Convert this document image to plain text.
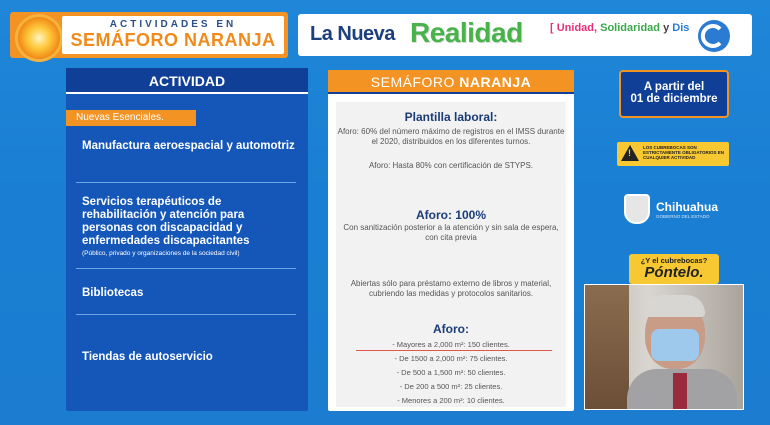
ACTIVIDADES EN
SEMÁFORO NARANJA	La Nueva Realidad [ Unidad, Solidaridad y Dis
ACTIVIDAD
Nuevas Esenciales.
Manufactura aeroespacial y automotriz
Servicios terapéuticos de rehabilitación y atención para personas con discapacidad y enfermedades discapacitantes
(Público, privado y organizaciones de la sociedad civil)
Bibliotecas
Tiendas de autoservicio
SEMÁFORO NARANJA
Plantilla laboral:
Aforo: 60% del número máximo de registros en el IMSS durante el 2020, distribuidos en los diferentes turnos.
Aforo: Hasta 80% con certificación de STYPS.
Aforo: 100%
Con sanitización posterior a la atención y sin sala de espera, con cita previa
Abiertas sólo para préstamo externo de libros y material, cubriendo las medidas y protocolos sanitarios.
Aforo:
- Mayores a 2,000 m²: 150 clientes.
- De 1500 a 2,000 m²: 75 clientes.
- De 500 a 1,500 m²: 50 clientes.
- De 200 a 500 m²: 25 clientes.
- Menores a 200 m²: 10 clientes.
A partir del
01 de diciembre
!
LOS CUBREBOCAS SON ESTRICTAMENTE OBLIGATORIOS EN CUALQUIER ACTIVIDAD
Chihuahua
GOBIERNO DEL ESTADO
¿Y el cubrebocas?
Póntelo.
